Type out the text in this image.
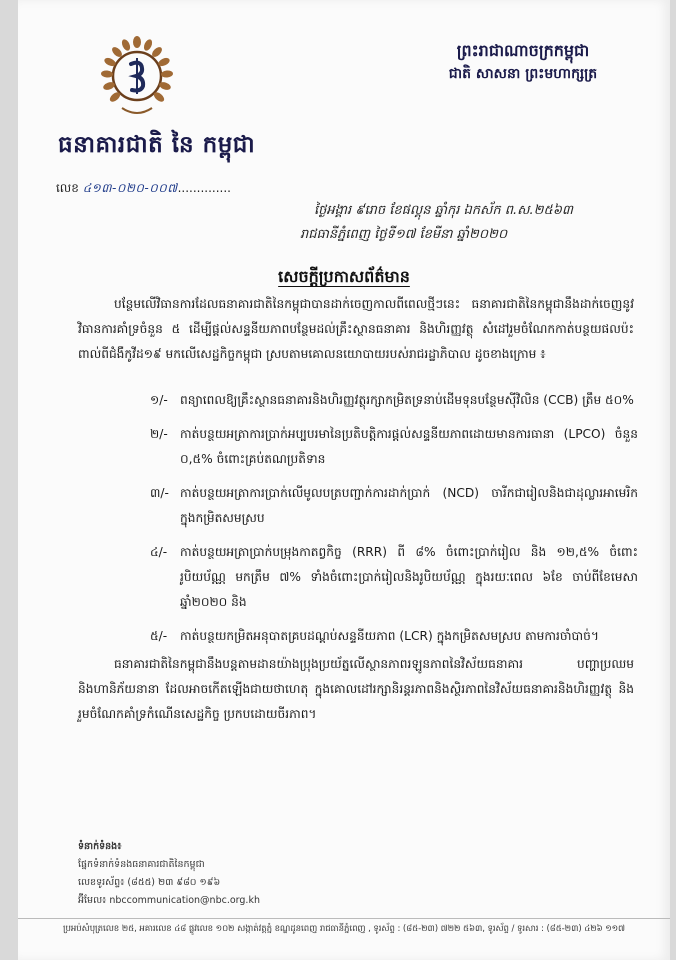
ធនាគារជាតិ នៃ កម្ពុជា
ព្រះរាជាណាចក្រកម្ពុជា
ជាតិ សាសនា ព្រះមហាក្សត្រ
លេខ ៤១៣-០២០-០០៧..............
ថ្ងៃអង្គារ ៩រោច ខែផល្គុន ឆ្នាំកុរ ឯកស័ក ព.ស.២៥៦៣
រាជធានីភ្នំពេញ ថ្ងៃទី១៧ ខែមីនា ឆ្នាំ២០២០
សេចក្តីប្រកាសព័ត៌មាន
បន្ថែមលើវិធានការដែលធនាគារជាតិនៃកម្ពុជាបានដាក់ចេញកាលពីពេលថ្មីៗនេះ ធនាគារជាតិនៃកម្ពុជានឹងដាក់ចេញនូវវិធានការគាំទ្រចំនួន ៥ ដើម្បីផ្តល់សន្ទនីយភាពបន្ថែមដល់គ្រឹះស្ថានធនាគារ និងហិរញ្ញវត្ថុ សំដៅរួមចំណែកកាត់បន្ថយផលប៉ះពាល់ពីជំងឺកូវីដ១៩ មកលើសេដ្ឋកិច្ចកម្ពុជា ស្របតាមគោលនយោបាយរបស់រាជរដ្ឋាភិបាល ដូចខាងក្រោម ៖
១/-	ពន្យាពេលឱ្យគ្រឹះស្ថានធនាគារនិងហិរញ្ញវត្ថុរក្សាកម្រិតទ្រនាប់ដើមទុនបន្ថែមស៊ីវិលិន (CCB) ត្រឹម ៥០%
២/-	កាត់បន្ថយអត្រាការប្រាក់អប្បបរមានៃប្រតិបត្តិការផ្តល់សន្ទនីយភាពដោយមានការធានា (LPCO) ចំនួន ០,៥% ចំពោះគ្រប់តណប្រតិទាន
៣/- កាត់បន្ថយអត្រាការប្រាក់លើមូលបត្របញ្ជាក់ការដាក់ប្រាក់ (NCD) ចារីកជារៀលនិងជាដុល្លារអាមេរិក ក្នុងកម្រិតសមស្រប
៤/-	កាត់បន្ថយអត្រាប្រាក់បម្រុងកាតព្វកិច្ច (RRR) ពី ៨% ចំពោះប្រាក់រៀល និង ១២,៥% ចំពោះរូបិយប័ណ្ណ មកត្រឹម ៧% ទាំងចំពោះប្រាក់រៀលនិងរូបិយប័ណ្ណ ក្នុងរយៈពេល ៦ខែ ចាប់ពីខែមេសា ឆ្នាំ២០២០ និង
៥/-	កាត់បន្ថយកម្រិតអនុបាតគ្របដណ្តប់សន្ទនីយភាព (LCR) ក្នុងកម្រិតសមស្រប តាមការចាំបាច់។
ធនាគារជាតិនៃកម្ពុជានឹងបន្តតាមដានយ៉ាងប្រុងប្រយ័ត្នលើស្ថានភាពរឡូនភាពនៃវិស័យធនាគារ បញ្ហាប្រឈម និងហានិភ័យនានា ដែលអាចកើតឡើងជាយថាហេតុ ក្នុងគោលដៅរក្សានិរន្តរភាពនិងស្ថិរភាពនៃវិស័យធនាគារនិងហិរញ្ញវត្ថុ និងរួមចំណែកគាំទ្រកំណើនសេដ្ឋកិច្ច ប្រកបដោយចីរភាព។
ទំនាក់ទំនង៖
ផ្នែកទំនាក់ទំនងធនាគារជាតិនៃកម្ពុជា
លេខទូរស័ព្ទ៖ (៨៥៥) ២៣ ៩៨០ ១៩៦
អ៊ីមែល៖ nbccommunication@nbc.org.kh
ប្រអប់សំបុត្រលេខ ២៥, អគារលេខ ៤៨ ផ្លូវលេខ ១០២ សង្កាត់វត្តភ្នំ ខណ្ឌដូនពេញ រាជធានីភ្នំពេញ , ទូរស័ព្ទ : (៨៥-២៣) ៧២២ ៥៦៣, ទូរស័ព្ទ / ទូរសារ : (៨៥-២៣) ៤២៦ ១១៧
